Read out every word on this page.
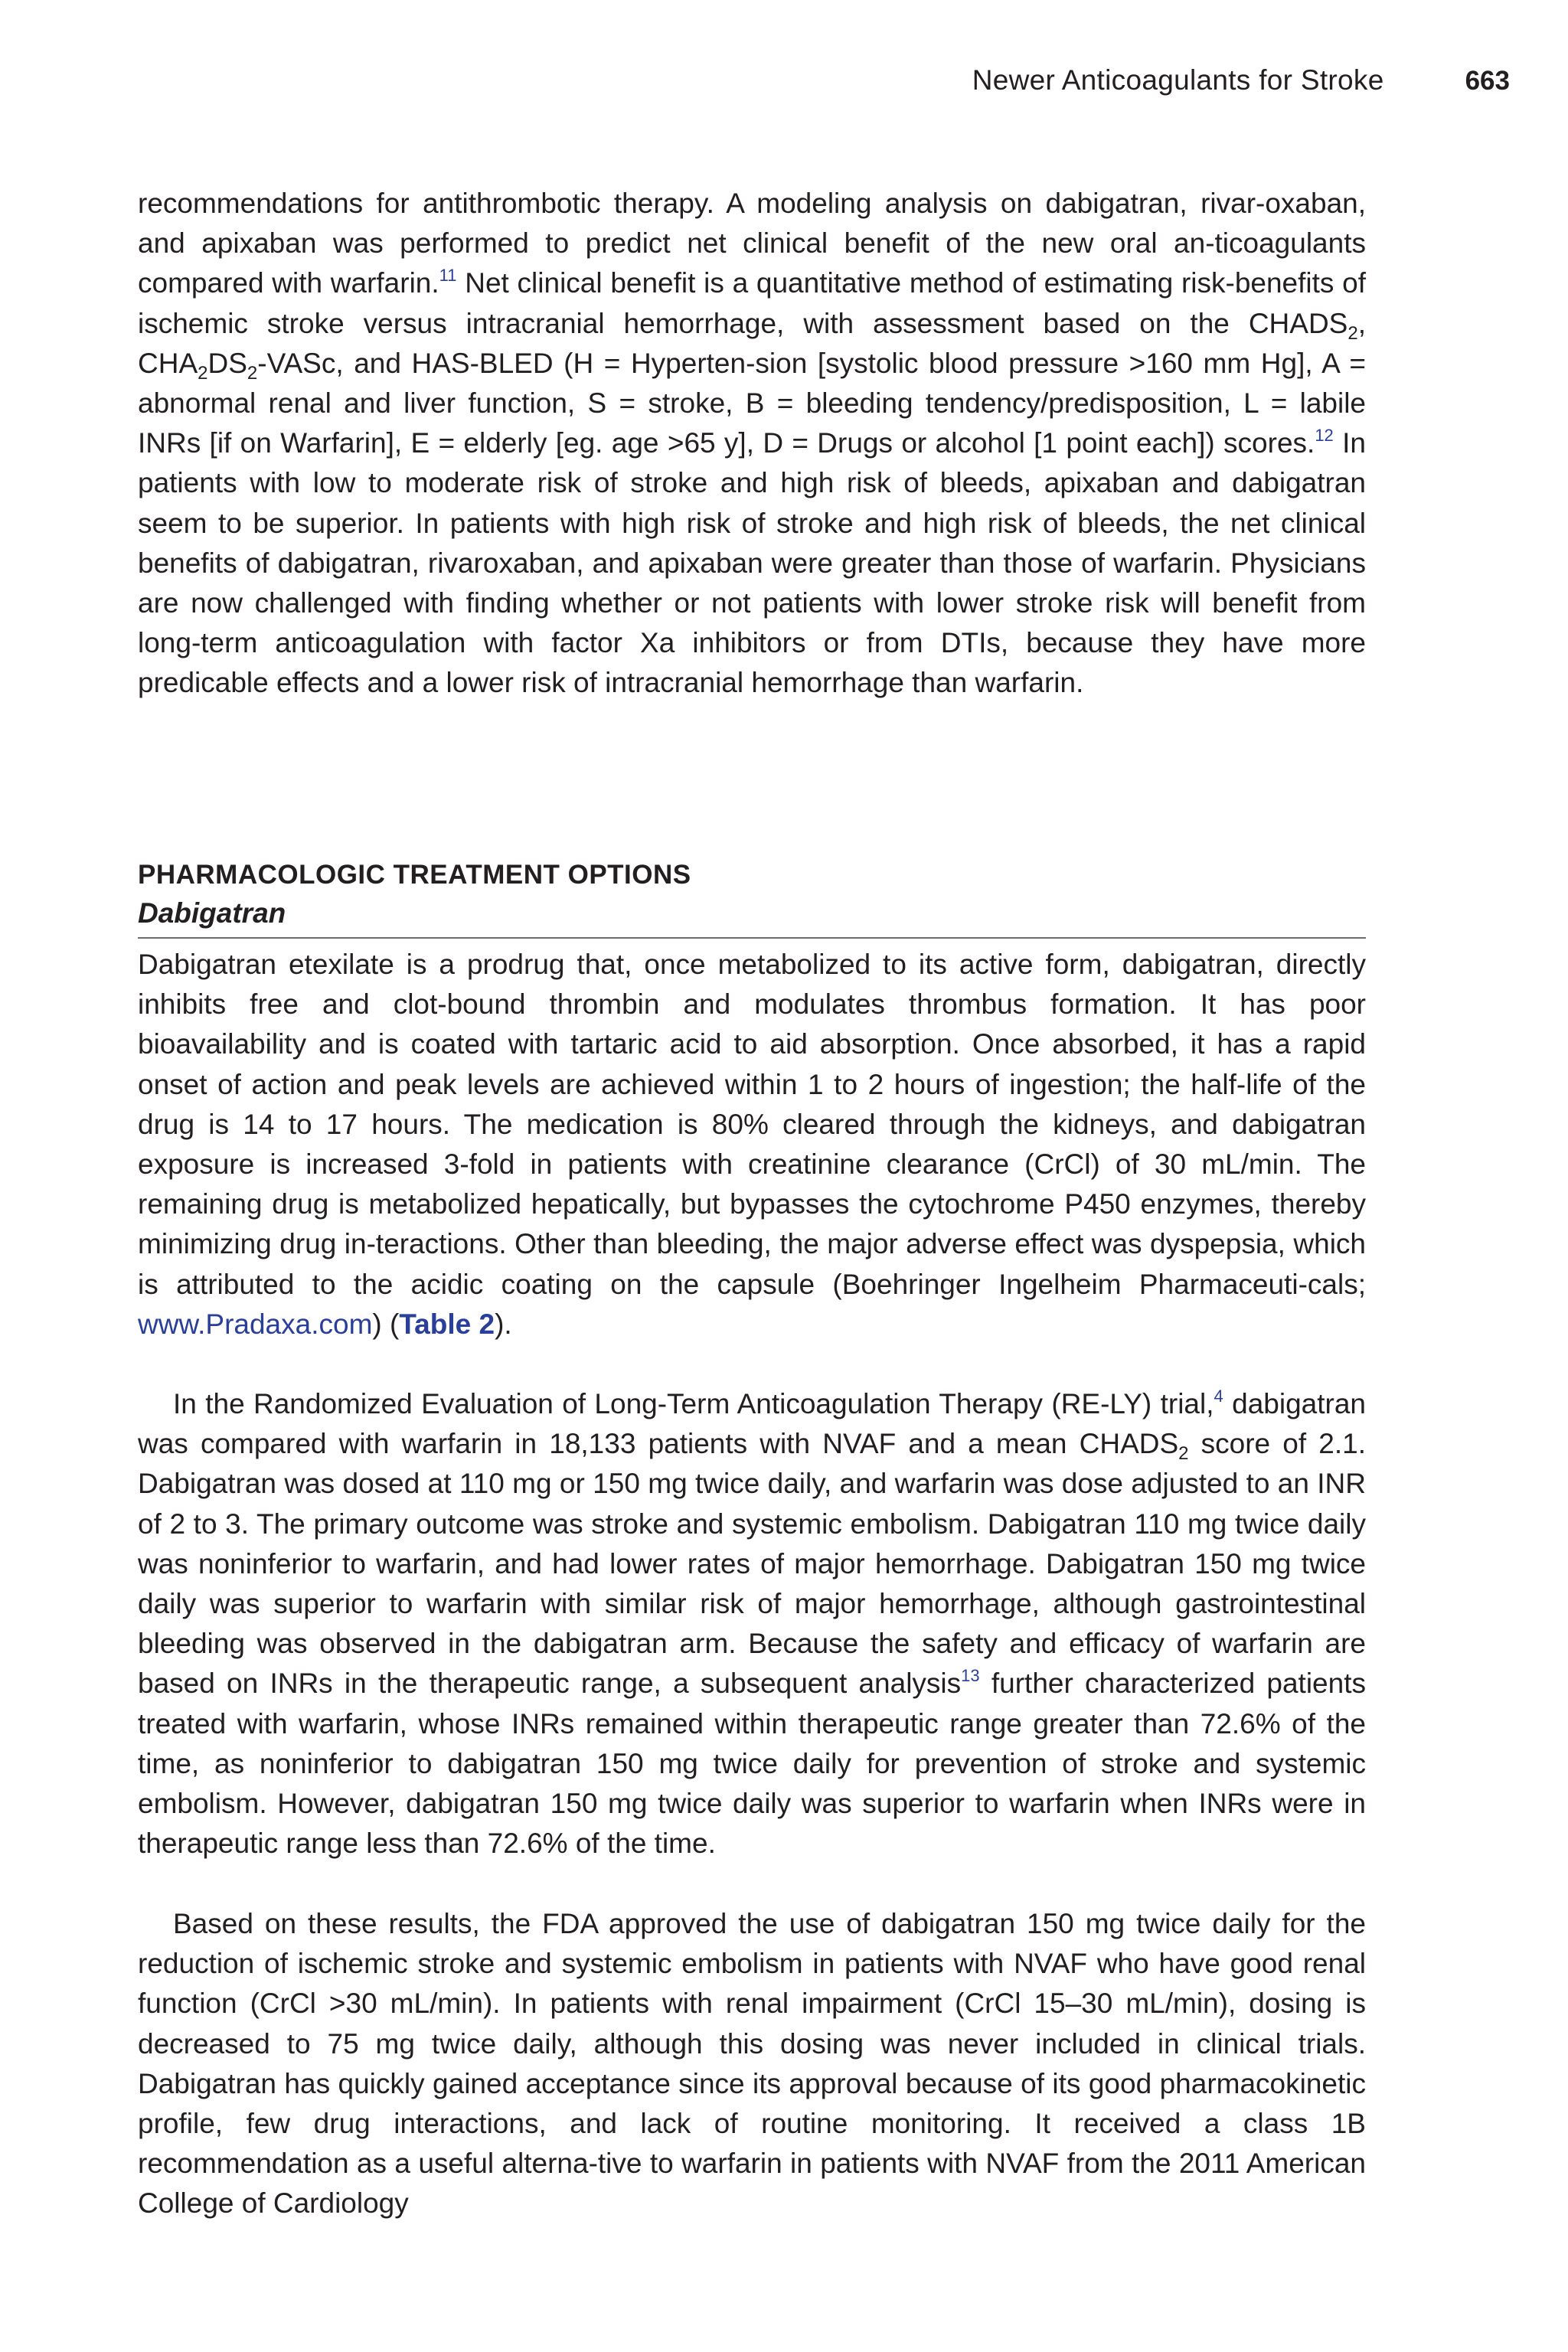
Newer Anticoagulants for Stroke	663

recommendations for antithrombotic therapy. A modeling analysis on dabigatran, rivar-oxaban, and apixaban was performed to predict net clinical benefit of the new oral an-ticoagulants compared with warfarin.$^{11}$ Net clinical benefit is a quantitative method of estimating risk-benefits of ischemic stroke versus intracranial hemorrhage, with assessment based on the $CHADS_2$, $CHA_2DS_2$-VASc, and HAS-BLED (H = Hyperten-sion [systolic blood pressure >160 mm Hg], A = abnormal renal and liver function, S = stroke, B = bleeding tendency/predisposition, L = labile INRs [if on Warfarin], E = elderly [eg. age >65 y], D = Drugs or alcohol [1 point each]) scores.$^{12}$ In patients with low to moderate risk of stroke and high risk of bleeds, apixaban and dabigatran seem to be superior. In patients with high risk of stroke and high risk of bleeds, the net clinical benefits of dabigatran, rivaroxaban, and apixaban were greater than those of warfarin. Physicians are now challenged with finding whether or not patients with lower stroke risk will benefit from long-term anticoagulation with factor Xa inhibitors or from DTIs, because they have more predicable effects and a lower risk of intracranial hemorrhage than warfarin.

PHARMACOLOGIC TREATMENT OPTIONS
Dabigatran

Dabigatran etexilate is a prodrug that, once metabolized to its active form, dabigatran, directly inhibits free and clot-bound thrombin and modulates thrombus formation. It has poor bioavailability and is coated with tartaric acid to aid absorption. Once absorbed, it has a rapid onset of action and peak levels are achieved within 1 to 2 hours of ingestion; the half-life of the drug is 14 to 17 hours. The medication is 80% cleared through the kidneys, and dabigatran exposure is increased 3-fold in patients with creatinine clearance (CrCl) of 30 mL/min. The remaining drug is metabolized hepatically, but bypasses the cytochrome P450 enzymes, thereby minimizing drug in-teractions. Other than bleeding, the major adverse effect was dyspepsia, which is attributed to the acidic coating on the capsule (Boehringer Ingelheim Pharmaceuti-cals; www.Pradaxa.com) (Table 2).

In the Randomized Evaluation of Long-Term Anticoagulation Therapy (RE-LY) trial,$^4$ dabigatran was compared with warfarin in 18,133 patients with NVAF and a mean $CHADS_2$ score of 2.1. Dabigatran was dosed at 110 mg or 150 mg twice daily, and warfarin was dose adjusted to an INR of 2 to 3. The primary outcome was stroke and systemic embolism. Dabigatran 110 mg twice daily was noninferior to warfarin, and had lower rates of major hemorrhage. Dabigatran 150 mg twice daily was superior to warfarin with similar risk of major hemorrhage, although gastrointestinal bleeding was observed in the dabigatran arm. Because the safety and efficacy of warfarin are based on INRs in the therapeutic range, a subsequent analysis$^{13}$ further characterized patients treated with warfarin, whose INRs remained within therapeutic range greater than 72.6% of the time, as noninferior to dabigatran 150 mg twice daily for prevention of stroke and systemic embolism. However, dabigatran 150 mg twice daily was superior to warfarin when INRs were in therapeutic range less than 72.6% of the time.

Based on these results, the FDA approved the use of dabigatran 150 mg twice daily for the reduction of ischemic stroke and systemic embolism in patients with NVAF who have good renal function (CrCl >30 mL/min). In patients with renal impairment (CrCl 15–30 mL/min), dosing is decreased to 75 mg twice daily, although this dosing was never included in clinical trials. Dabigatran has quickly gained acceptance since its approval because of its good pharmacokinetic profile, few drug interactions, and lack of routine monitoring. It received a class 1B recommendation as a useful alterna-tive to warfarin in patients with NVAF from the 2011 American College of Cardiology
